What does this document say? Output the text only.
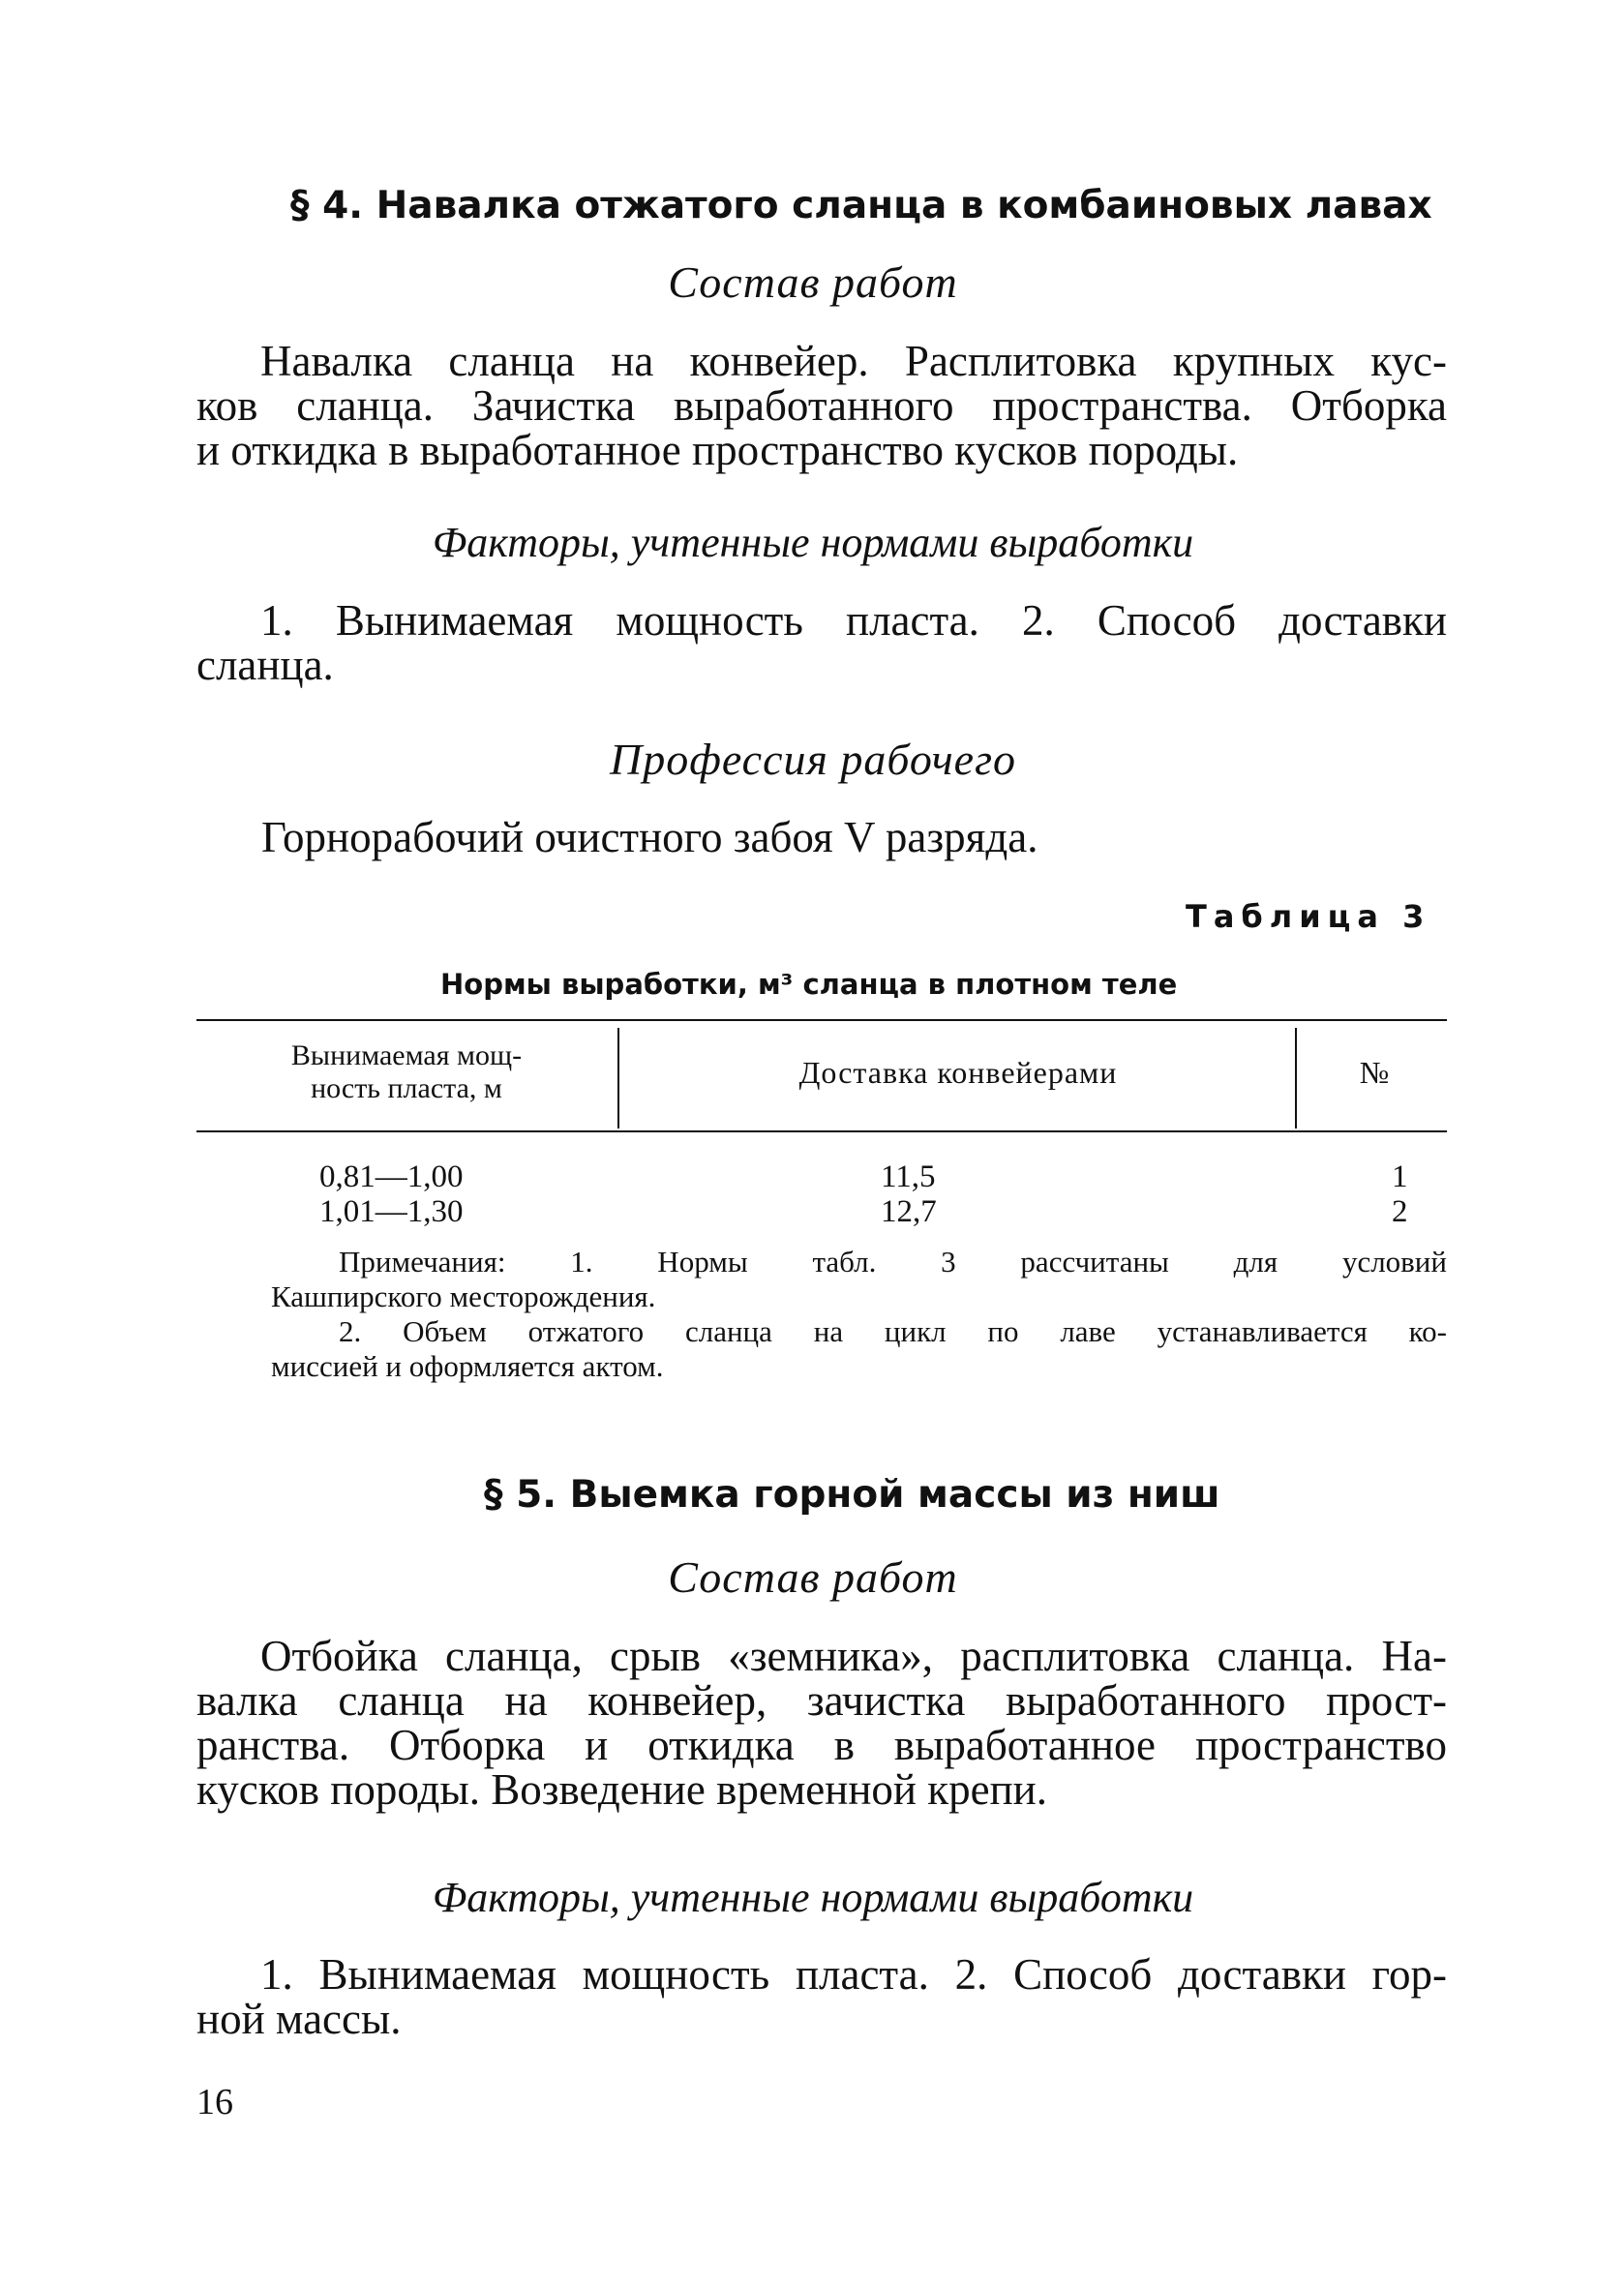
§ 4. Навалка отжатого сланца в комбаиновых лавах
Состав работ
Навалка сланца на конвейер. Расплитовка крупных кус-
ков сланца. Зачистка выработанного пространства. Отборка
и откидка в выработанное пространство кусков породы.
Факторы, учтенные нормами выработки
1. Вынимаемая мощность пласта. 2. Способ доставки
сланца.
Профессия рабочего
Горнорабочий очистного забоя V разряда.
Таблица 3
Нормы выработки, м³ сланца в плотном теле
Вынимаемая мощ-
ность пласта, м	Доставка конвейерами	№
0,81—1,00	11,5	1
1,01—1,30	12,7	2
Примечания: 1. Нормы табл. 3 рассчитаны для условий
Кашпирского месторождения.
2. Объем отжатого сланца на цикл по лаве устанавливается ко-
миссией и оформляется актом.
§ 5. Выемка горной массы из ниш
Состав работ
Отбойка сланца, срыв «земника», расплитовка сланца. На-
валка сланца на конвейер, зачистка выработанного прост-
ранства. Отборка и откидка в выработанное пространство
кусков породы. Возведение временной крепи.
Факторы, учтенные нормами выработки
1. Вынимаемая мощность пласта. 2. Способ доставки гор-
ной массы.
16
